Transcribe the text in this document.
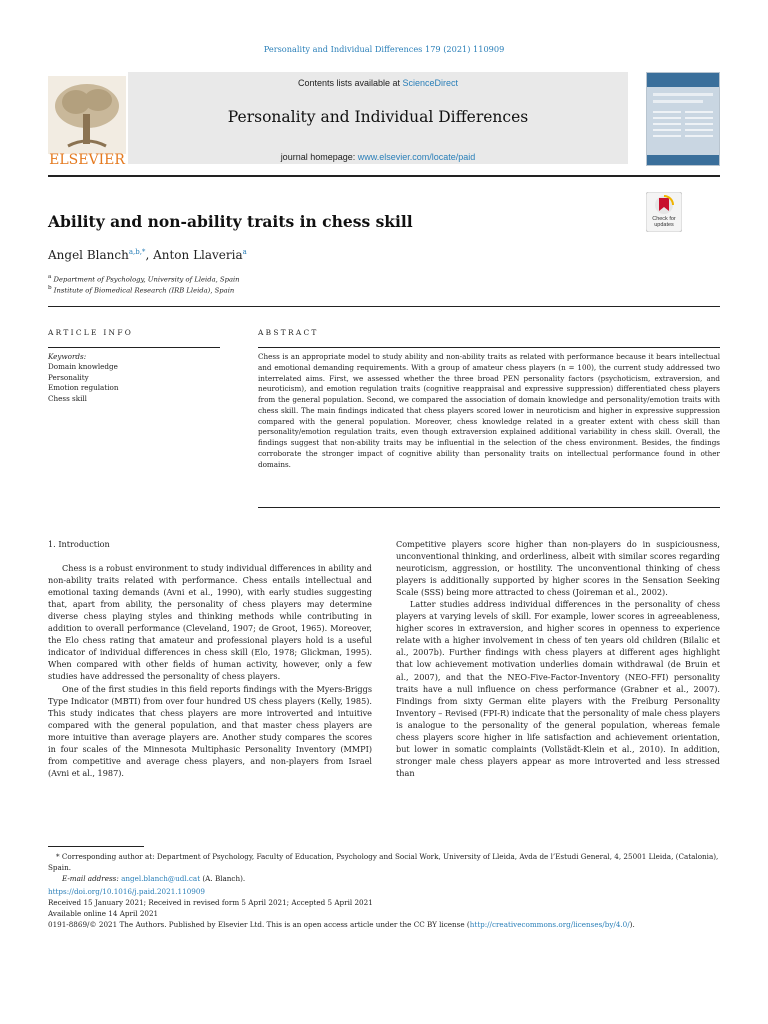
Personality and Individual Differences 179 (2021) 110909
ELSEVIER
Contents lists available at ScienceDirect
Personality and Individual Differences
journal homepage: www.elsevier.com/locate/paid
Ability and non-ability traits in chess skill	Check for updates
Angel Blanch$^{a,b,*}$, Anton Llaveria$^a$
$^a$ Department of Psychology, University of Lleida, Spain
$^b$ Institute of Biomedical Research (IRB Lleida), Spain
ARTICLE INFO	ABSTRACT
Keywords:
Domain knowledge
Personality
Emotion regulation
Chess skill
Chess is an appropriate model to study ability and non-ability traits as related with performance because it bears intellectual and emotional demanding requirements. With a group of amateur chess players (n = 100), the current study addressed two interrelated aims. First, we assessed whether the three broad PEN personality factors (psychoticism, extraversion, and neuroticism), and emotion regulation traits (cognitive reappraisal and expressive suppression) differentiated chess players from the general population. Second, we compared the association of domain knowledge and personality/emotion traits with chess skill. The main findings indicated that chess players scored lower in neuroticism and higher in expressive suppression compared with the general population. Moreover, chess knowledge related in a greater extent with chess skill than personality/emotion regulation traits, even though extraversion explained additional variability in chess skill. Overall, the findings suggest that non-ability traits may be influential in the selection of the chess environment. Besides, the findings corroborate the stronger impact of cognitive ability than personality traits on intellectual performance found in other domains.

1. Introduction

Chess is a robust environment to study individual differences in ability and non-ability traits related with performance. Chess entails intellectual and emotional taxing demands (Avni et al., 1990), with early studies suggesting that, apart from ability, the personality of chess players may determine diverse chess playing styles and thinking methods while contributing in addition to overall performance (Cleveland, 1907; de Groot, 1965). Moreover, the Elo chess rating that amateur and professional players hold is a useful indicator of individual differences in chess skill (Elo, 1978; Glickman, 1995). When compared with other fields of human activity, however, only a few studies have addressed the personality of chess players.

One of the first studies in this field reports findings with the Myers-Briggs Type Indicator (MBTI) from over four hundred US chess players (Kelly, 1985). This study indicates that chess players are more introverted and intuitive compared with the general population, and that master chess players are more intuitive than average players are. Another study compares the scores in four scales of the Minnesota Multiphasic Personality Inventory (MMPI) from competitive and average chess players, and non-players from Israel (Avni et al., 1987).

Competitive players score higher than non-players do in suspiciousness, unconventional thinking, and orderliness, albeit with similar scores regarding neuroticism, aggression, or hostility. The unconventional thinking of chess players is additionally supported by higher scores in the Sensation Seeking Scale (SSS) being more attracted to chess (Joireman et al., 2002).

Latter studies address individual differences in the personality of chess players at varying levels of skill. For example, lower scores in agreeableness, higher scores in extraversion, and higher scores in openness to experience relate with a higher involvement in chess of ten years old children (Bilalic et al., 2007b). Further findings with chess players at different ages highlight that low achievement motivation underlies domain withdrawal (de Bruin et al., 2007), and that the NEO-Five-Factor-Inventory (NEO-FFI) personality traits have a null influence on chess performance (Grabner et al., 2007). Findings from sixty German elite players with the Freiburg Personality Inventory – Revised (FPI-R) indicate that the personality of male chess players is analogue to the personality of the general population, whereas female chess players score higher in life satisfaction and achievement orientation, but lower in somatic complaints (Vollstädt-Klein et al., 2010). In addition, stronger male chess players appear as more introverted and less stressed than

* Corresponding author at: Department of Psychology, Faculty of Education, Psychology and Social Work, University of Lleida, Avda de l’Estudi General, 4, 25001 Lleida, (Catalonia), Spain.

E-mail address: angel.blanch@udl.cat (A. Blanch).

https://doi.org/10.1016/j.paid.2021.110909

Received 15 January 2021; Received in revised form 5 April 2021; Accepted 5 April 2021

Available online 14 April 2021

0191-8869/© 2021 The Authors. Published by Elsevier Ltd. This is an open access article under the CC BY license (http://creativecommons.org/licenses/by/4.0/).
